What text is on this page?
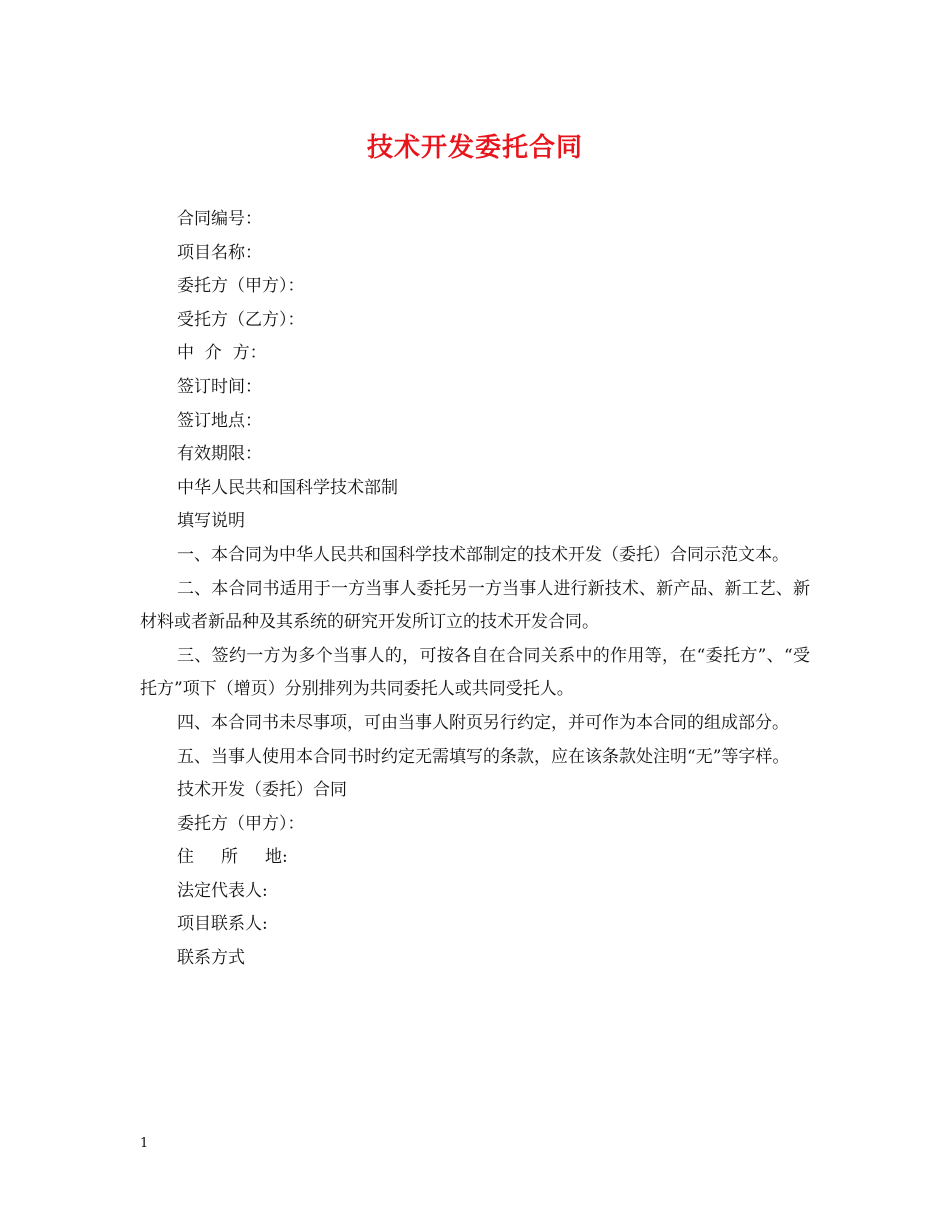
技术开发委托合同

合同编号：

项目名称：

委托方（甲方）：

受托方（乙方）：

中  介  方：

签订时间：

签订地点：

有效期限：

中华人民共和国科学技术部制

填写说明

一、本合同为中华人民共和国科学技术部制定的技术开发（委托）合同示范文本。

二、本合同书适用于一方当事人委托另一方当事人进行新技术、新产品、新工艺、新材料或者新品种及其系统的研究开发所订立的技术开发合同。

三、签约一方为多个当事人的，可按各自在合同关系中的作用等，在“委托方”、“受托方”项下（增页）分别排列为共同委托人或共同受托人。

四、本合同书未尽事项，可由当事人附页另行约定，并可作为本合同的组成部分。

五、当事人使用本合同书时约定无需填写的条款，应在该条款处注明“无”等字样。

技术开发（委托）合同

委托方（甲方）：

住     所     地:

法定代表人:

项目联系人:

联系方式

1
